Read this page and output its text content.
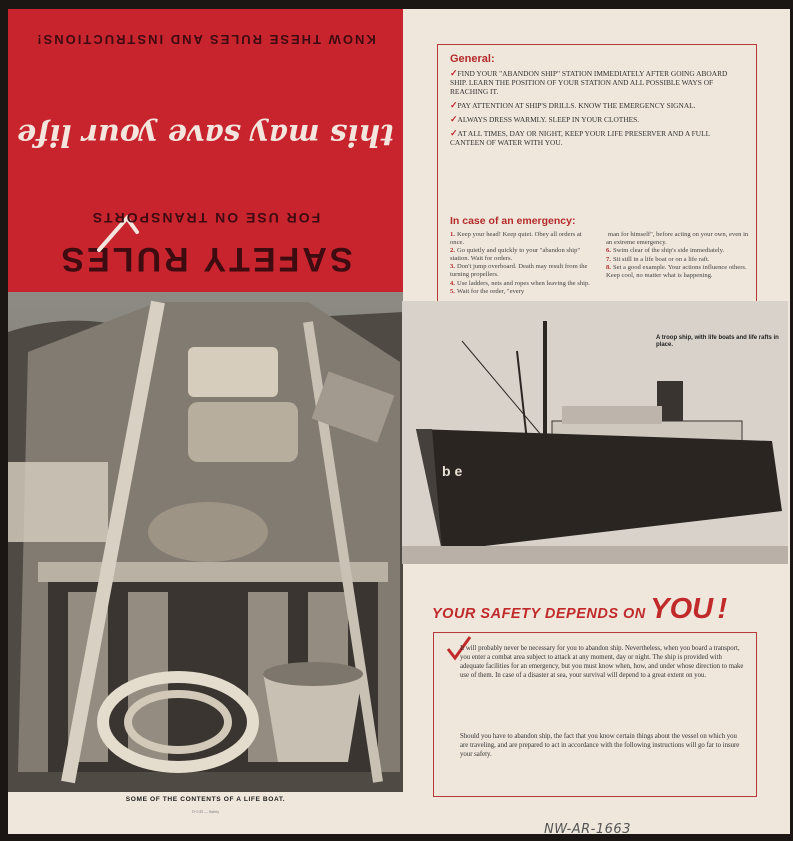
SAFETY RULES
FOR USE ON TRANSPORTS
this may save your life
KNOW THESE RULES AND INSTRUCTIONS!
General:
✓FIND YOUR "ABANDON SHIP" STATION IMMEDIATELY AFTER GOING ABOARD SHIP. LEARN THE POSITION OF YOUR STATION AND ALL POSSIBLE WAYS OF REACHING IT.
✓PAY ATTENTION AT SHIP'S DRILLS. KNOW THE EMERGENCY SIGNAL.
✓ALWAYS DRESS WARMLY. SLEEP IN YOUR CLOTHES.
✓AT ALL TIMES, DAY OR NIGHT, KEEP YOUR LIFE PRESERVER AND A FULL CANTEEN OF WATER WITH YOU.
In case of an emergency:
1. Keep your head! Keep quiet. Obey all orders at once.
2. Go quietly and quickly to your "abandon ship" station. Wait for orders.
3. Don't jump overboard. Death may result from the turning propellers.
4. Use ladders, nets and ropes when leaving the ship.
5. Wait for the order, "every
man for himself", before acting on your own, even in an extreme emergency.
6. Swim clear of the ship's side immediately.
7. Sit still in a life boat or on a life raft.
8. Set a good example. Your actions influence others. Keep cool, no matter what is happening.
SOME OF THE CONTENTS OF A LIFE BOAT.
O-1/43 — Safety
b e
A troop ship, with life boats and life rafts in place.
YOUR SAFETY DEPENDS ON YOU !

It will probably never be necessary for you to abandon ship. Nevertheless, when you board a transport, you enter a combat area subject to attack at any moment, day or night. The ship is provided with adequate facilities for an emergency, but you must know when, how, and under whose direction to make use of them. In case of a disaster at sea, your survival will depend to a great extent on you.

Should you have to abandon ship, the fact that you know certain things about the vessel on which you are traveling, and are prepared to act in accordance with the following instructions will go far to insure your safety.

NW-AR-1663
